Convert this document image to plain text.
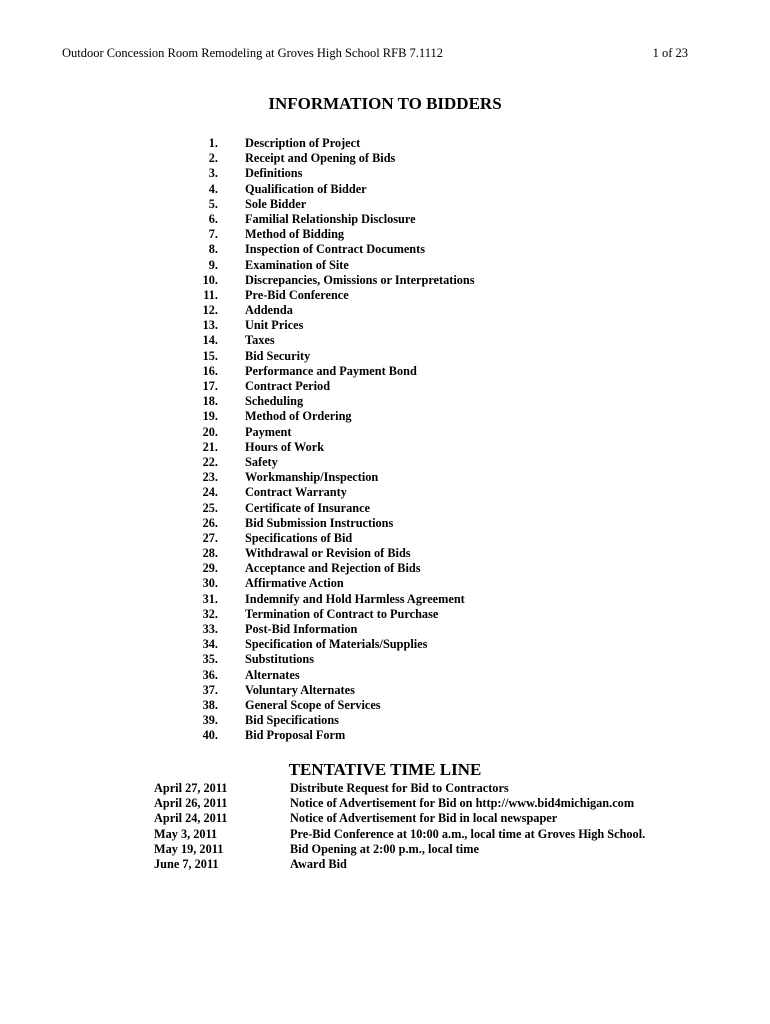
Outdoor Concession Room Remodeling at Groves High School RFB 7.1112	1 of 23
INFORMATION TO BIDDERS
1. Description of Project
2. Receipt and Opening of Bids
3. Definitions
4. Qualification of Bidder
5. Sole Bidder
6. Familial Relationship Disclosure
7. Method of Bidding
8. Inspection of Contract Documents
9. Examination of Site
10. Discrepancies, Omissions or Interpretations
11. Pre-Bid Conference
12. Addenda
13. Unit Prices
14. Taxes
15. Bid Security
16. Performance and Payment Bond
17. Contract Period
18. Scheduling
19. Method of Ordering
20. Payment
21. Hours of Work
22. Safety
23. Workmanship/Inspection
24. Contract Warranty
25. Certificate of Insurance
26. Bid Submission Instructions
27. Specifications of Bid
28. Withdrawal or Revision of Bids
29. Acceptance and Rejection of Bids
30. Affirmative Action
31. Indemnify and Hold Harmless Agreement
32. Termination of Contract to Purchase
33. Post-Bid Information
34. Specification of Materials/Supplies
35. Substitutions
36. Alternates
37. Voluntary Alternates
38. General Scope of Services
39. Bid Specifications
40. Bid Proposal Form
TENTATIVE TIME LINE
April 27, 2011	Distribute Request for Bid to Contractors
April 26, 2011	Notice of Advertisement for Bid on http://www.bid4michigan.com
April 24, 2011	Notice of Advertisement for Bid in local newspaper
May 3, 2011	Pre-Bid Conference at 10:00 a.m., local time at Groves High School.
May 19, 2011	Bid Opening at 2:00 p.m., local time
June 7, 2011	Award Bid
